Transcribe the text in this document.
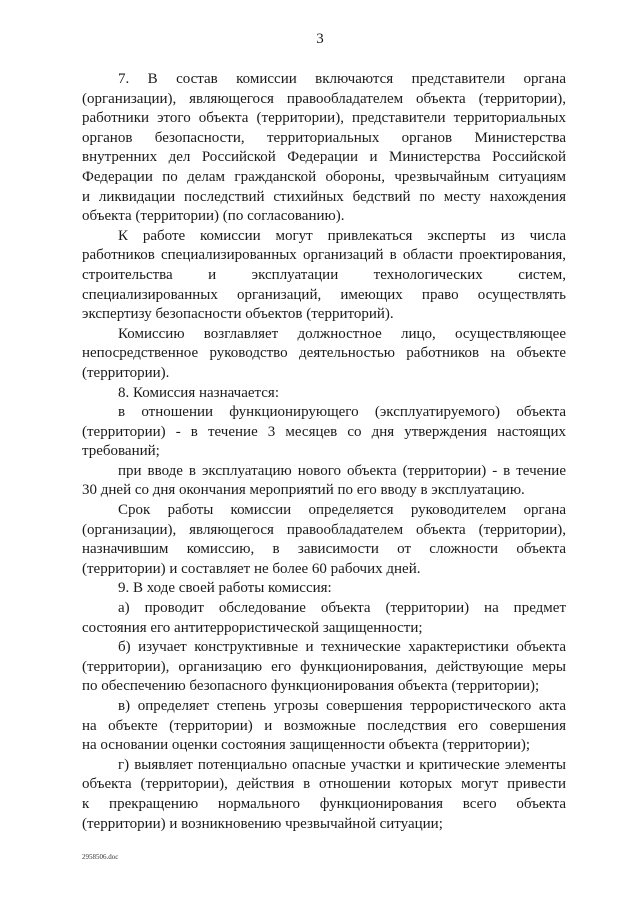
3
7. В состав комиссии включаются представители органа
(организации), являющегося правообладателем объекта (территории),
работники этого объекта (территории), представители территориальных
органов безопасности, территориальных органов Министерства
внутренних дел Российской Федерации и Министерства Российской
Федерации по делам гражданской обороны, чрезвычайным ситуациям
и ликвидации последствий стихийных бедствий по месту нахождения
объекта (территории) (по согласованию).
К работе комиссии могут привлекаться эксперты из числа
работников специализированных организаций в области проектирования,
строительства и эксплуатации технологических систем,
специализированных организаций, имеющих право осуществлять
экспертизу безопасности объектов (территорий).
Комиссию возглавляет должностное лицо, осуществляющее
непосредственное руководство деятельностью работников на объекте
(территории).
8. Комиссия назначается:
в отношении функционирующего (эксплуатируемого) объекта
(территории) - в течение 3 месяцев со дня утверждения настоящих
требований;
при вводе в эксплуатацию нового объекта (территории) - в течение
30 дней со дня окончания мероприятий по его вводу в эксплуатацию.
Срок работы комиссии определяется руководителем органа
(организации), являющегося правообладателем объекта (территории),
назначившим комиссию, в зависимости от сложности объекта
(территории) и составляет не более 60 рабочих дней.
9. В ходе своей работы комиссия:
а) проводит обследование объекта (территории) на предмет
состояния его антитеррористической защищенности;
б) изучает конструктивные и технические характеристики объекта
(территории), организацию его функционирования, действующие меры
по обеспечению безопасного функционирования объекта (территории);
в) определяет степень угрозы совершения террористического акта
на объекте (территории) и возможные последствия его совершения
на основании оценки состояния защищенности объекта (территории);
г) выявляет потенциально опасные участки и критические элементы
объекта (территории), действия в отношении которых могут привести
к прекращению нормального функционирования всего объекта
(территории) и возникновению чрезвычайной ситуации;
2958506.doc
